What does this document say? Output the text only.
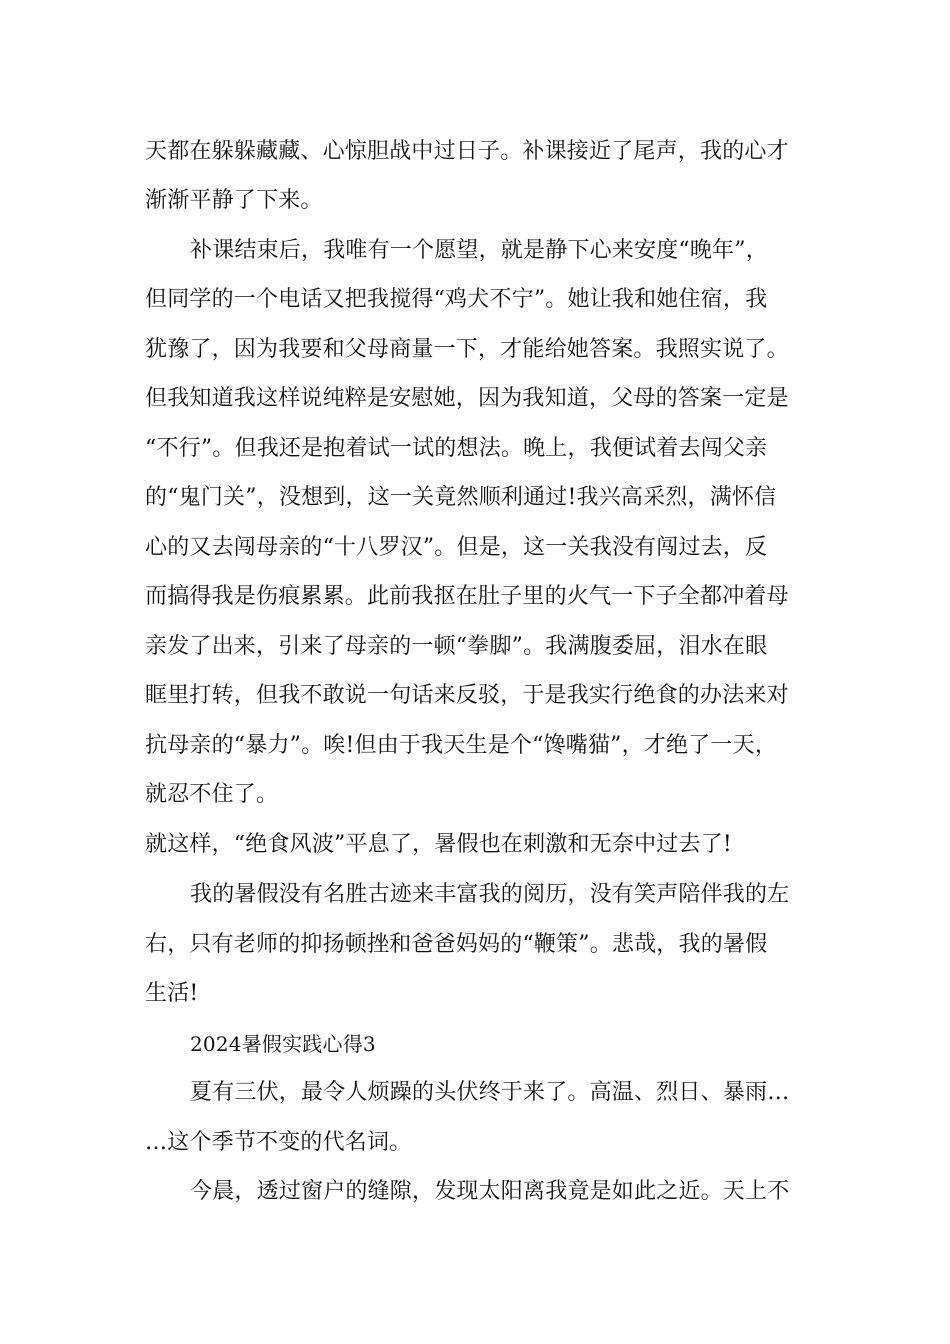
天都在躲躲藏藏、心惊胆战中过日子。补课接近了尾声，我的心才
渐渐平静了下来。
补课结束后，我唯有一个愿望，就是静下心来安度“晚年”，
但同学的一个电话又把我搅得“鸡犬不宁”。她让我和她住宿，我
犹豫了，因为我要和父母商量一下，才能给她答案。我照实说了。
但我知道我这样说纯粹是安慰她，因为我知道，父母的答案一定是
“不行”。但我还是抱着试一试的想法。晚上，我便试着去闯父亲
的“鬼门关”，没想到，这一关竟然顺利通过!我兴高采烈，满怀信
心的又去闯母亲的“十八罗汉”。但是，这一关我没有闯过去，反
而搞得我是伤痕累累。此前我抠在肚子里的火气一下子全都冲着母
亲发了出来，引来了母亲的一顿“拳脚”。我满腹委屈，泪水在眼
眶里打转，但我不敢说一句话来反驳，于是我实行绝食的办法来对
抗母亲的“暴力”。唉!但由于我天生是个“馋嘴猫”，才绝了一天，
就忍不住了。
就这样，“绝食风波”平息了，暑假也在刺激和无奈中过去了!
我的暑假没有名胜古迹来丰富我的阅历，没有笑声陪伴我的左
右，只有老师的抑扬顿挫和爸爸妈妈的“鞭策”。悲哉，我的暑假
生活!
2024暑假实践心得3
夏有三伏，最令人烦躁的头伏终于来了。高温、烈日、暴雨…
…这个季节不变的代名词。
今晨，透过窗户的缝隙，发现太阳离我竟是如此之近。天上不
